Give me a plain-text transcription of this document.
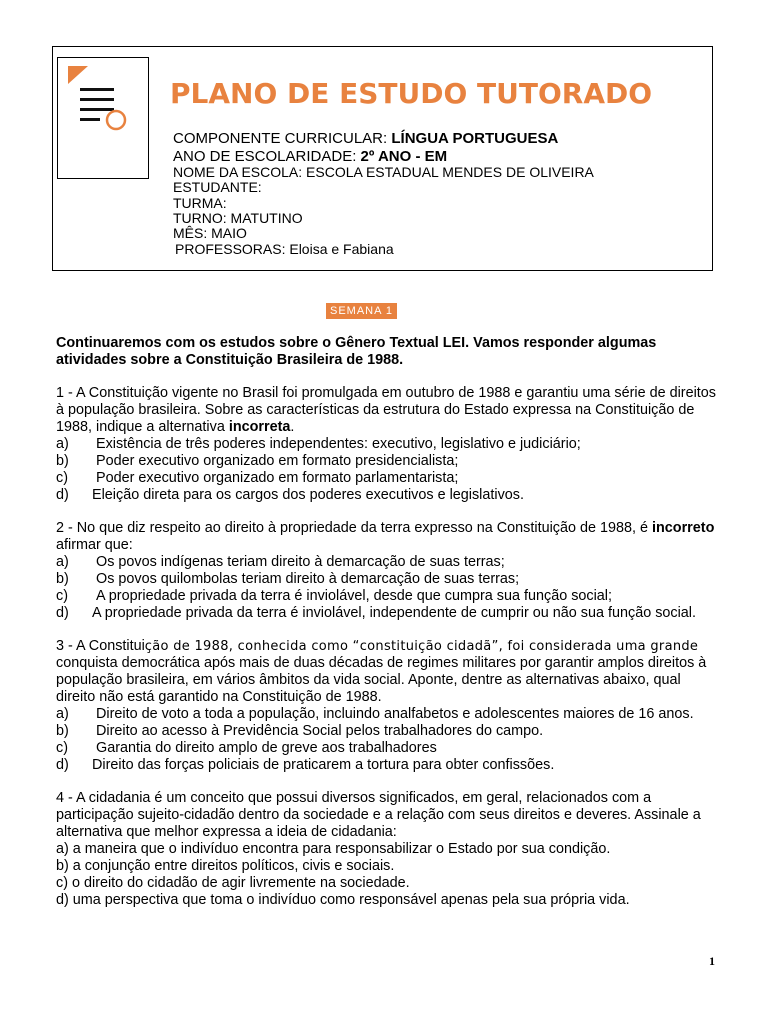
PLANO DE ESTUDO TUTORADO
COMPONENTE CURRICULAR: LÍNGUA PORTUGUESA
ANO DE ESCOLARIDADE: 2º ANO - EM
NOME DA ESCOLA: ESCOLA ESTADUAL MENDES DE OLIVEIRA
ESTUDANTE:
TURMA:
TURNO: MATUTINO
MÊS: MAIO
PROFESSORAS: Eloisa e Fabiana
SEMANA 1

Continuaremos com os estudos sobre o Gênero Textual LEI. Vamos responder algumas atividades sobre a Constituição Brasileira de 1988.

1 - A Constituição vigente no Brasil foi promulgada em outubro de 1988 e garantiu uma série de direitos à população brasileira. Sobre as características da estrutura do Estado expressa na Constituição de 1988, indique a alternativa incorreta.

a) Existência de três poderes independentes: executivo, legislativo e judiciário;
b) Poder executivo organizado em formato presidencialista;
c) Poder executivo organizado em formato parlamentarista;
d) Eleição direta para os cargos dos poderes executivos e legislativos.

2 - No que diz respeito ao direito à propriedade da terra expresso na Constituição de 1988, é incorreto afirmar que:

a) Os povos indígenas teriam direito à demarcação de suas terras;
b) Os povos quilombolas teriam direito à demarcação de suas terras;
c) A propriedade privada da terra é inviolável, desde que cumpra sua função social;
d) A propriedade privada da terra é inviolável, independente de cumprir ou não sua função social.

3 - A Constituição de 1988, conhecida como “constituição cidadã”, foi considerada uma grande
conquista democrática após mais de duas décadas de regimes militares por garantir amplos direitos à população brasileira, em vários âmbitos da vida social. Aponte, dentre as alternativas abaixo, qual direito não está garantido na Constituição de 1988.

a) Direito de voto a toda a população, incluindo analfabetos e adolescentes maiores de 16 anos.
b) Direito ao acesso à Previdência Social pelos trabalhadores do campo.
c) Garantia do direito amplo de greve aos trabalhadores
d) Direito das forças policiais de praticarem a tortura para obter confissões.

4 - A cidadania é um conceito que possui diversos significados, em geral, relacionados com a participação sujeito-cidadão dentro da sociedade e a relação com seus direitos e deveres. Assinale a alternativa que melhor expressa a ideia de cidadania:

a) a maneira que o indivíduo encontra para responsabilizar o Estado por sua condição.
b) a conjunção entre direitos políticos, civis e sociais.
c) o direito do cidadão de agir livremente na sociedade.
d) uma perspectiva que toma o indivíduo como responsável apenas pela sua própria vida.
1
